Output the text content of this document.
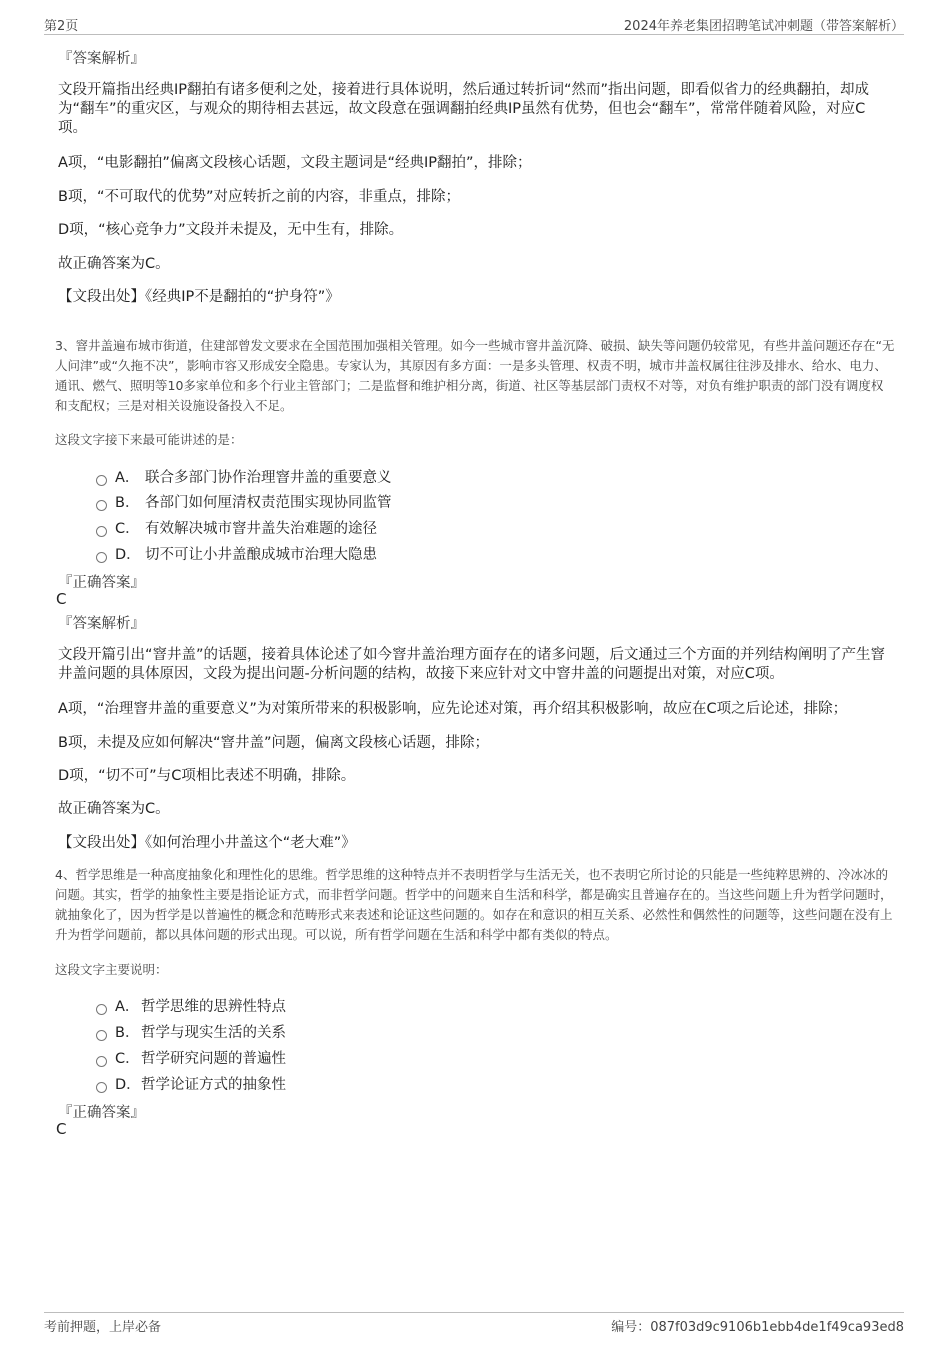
第2页	2024年养老集团招聘笔试冲刺题（带答案解析）
『答案解析』
文段开篇指出经典IP翻拍有诸多便利之处，接着进行具体说明，然后通过转折词“然而”指出问题，即看似省力的经典翻拍，却成为“翻车”的重灾区，与观众的期待相去甚远，故文段意在强调翻拍经典IP虽然有优势，但也会“翻车”，常常伴随着风险，对应C项。
A项，“电影翻拍”偏离文段核心话题，文段主题词是“经典IP翻拍”，排除；
B项，“不可取代的优势”对应转折之前的内容，非重点，排除；
D项，“核心竞争力”文段并未提及，无中生有，排除。
故正确答案为C。
【文段出处】《经典IP不是翻拍的“护身符”》
3、窨井盖遍布城市街道，住建部曾发文要求在全国范围加强相关管理。如今一些城市窨井盖沉降、破损、缺失等问题仍较常见，有些井盖问题还存在“无人问津”或“久拖不决”，影响市容又形成安全隐患。专家认为，其原因有多方面：一是多头管理、权责不明，城市井盖权属往往涉及排水、给水、电力、通讯、燃气、照明等10多家单位和多个行业主管部门；二是监督和维护相分离，街道、社区等基层部门责权不对等，对负有维护职责的部门没有调度权和支配权；三是对相关设施设备投入不足。
这段文字接下来最可能讲述的是：
A． 联合多部门协作治理窨井盖的重要意义
B． 各部门如何厘清权责范围实现协同监管
C． 有效解决城市窨井盖失治难题的途径
D． 切不可让小井盖酿成城市治理大隐患
『正确答案』
C
『答案解析』
文段开篇引出“窨井盖”的话题，接着具体论述了如今窨井盖治理方面存在的诸多问题，后文通过三个方面的并列结构阐明了产生窨井盖问题的具体原因，文段为提出问题-分析问题的结构，故接下来应针对文中窨井盖的问题提出对策，对应C项。
A项，“治理窨井盖的重要意义”为对策所带来的积极影响，应先论述对策，再介绍其积极影响，故应在C项之后论述，排除；
B项，未提及应如何解决“窨井盖”问题，偏离文段核心话题，排除；
D项，“切不可”与C项相比表述不明确，排除。
故正确答案为C。
【文段出处】《如何治理小井盖这个“老大难”》
4、哲学思维是一种高度抽象化和理性化的思维。哲学思维的这种特点并不表明哲学与生活无关，也不表明它所讨论的只能是一些纯粹思辨的、冷冰冰的问题。其实，哲学的抽象性主要是指论证方式，而非哲学问题。哲学中的问题来自生活和科学，都是确实且普遍存在的。当这些问题上升为哲学问题时，就抽象化了，因为哲学是以普遍性的概念和范畴形式来表述和论证这些问题的。如存在和意识的相互关系、必然性和偶然性的问题等，这些问题在没有上升为哲学问题前，都以具体问题的形式出现。可以说，所有哲学问题在生活和科学中都有类似的特点。
这段文字主要说明：
A． 哲学思维的思辨性特点
B． 哲学与现实生活的关系
C．哲学研究问题的普遍性
D．哲学论证方式的抽象性
『正确答案』
C
考前押题，上岸必备	编号：087f03d9c9106b1ebb4de1f49ca93ed8
